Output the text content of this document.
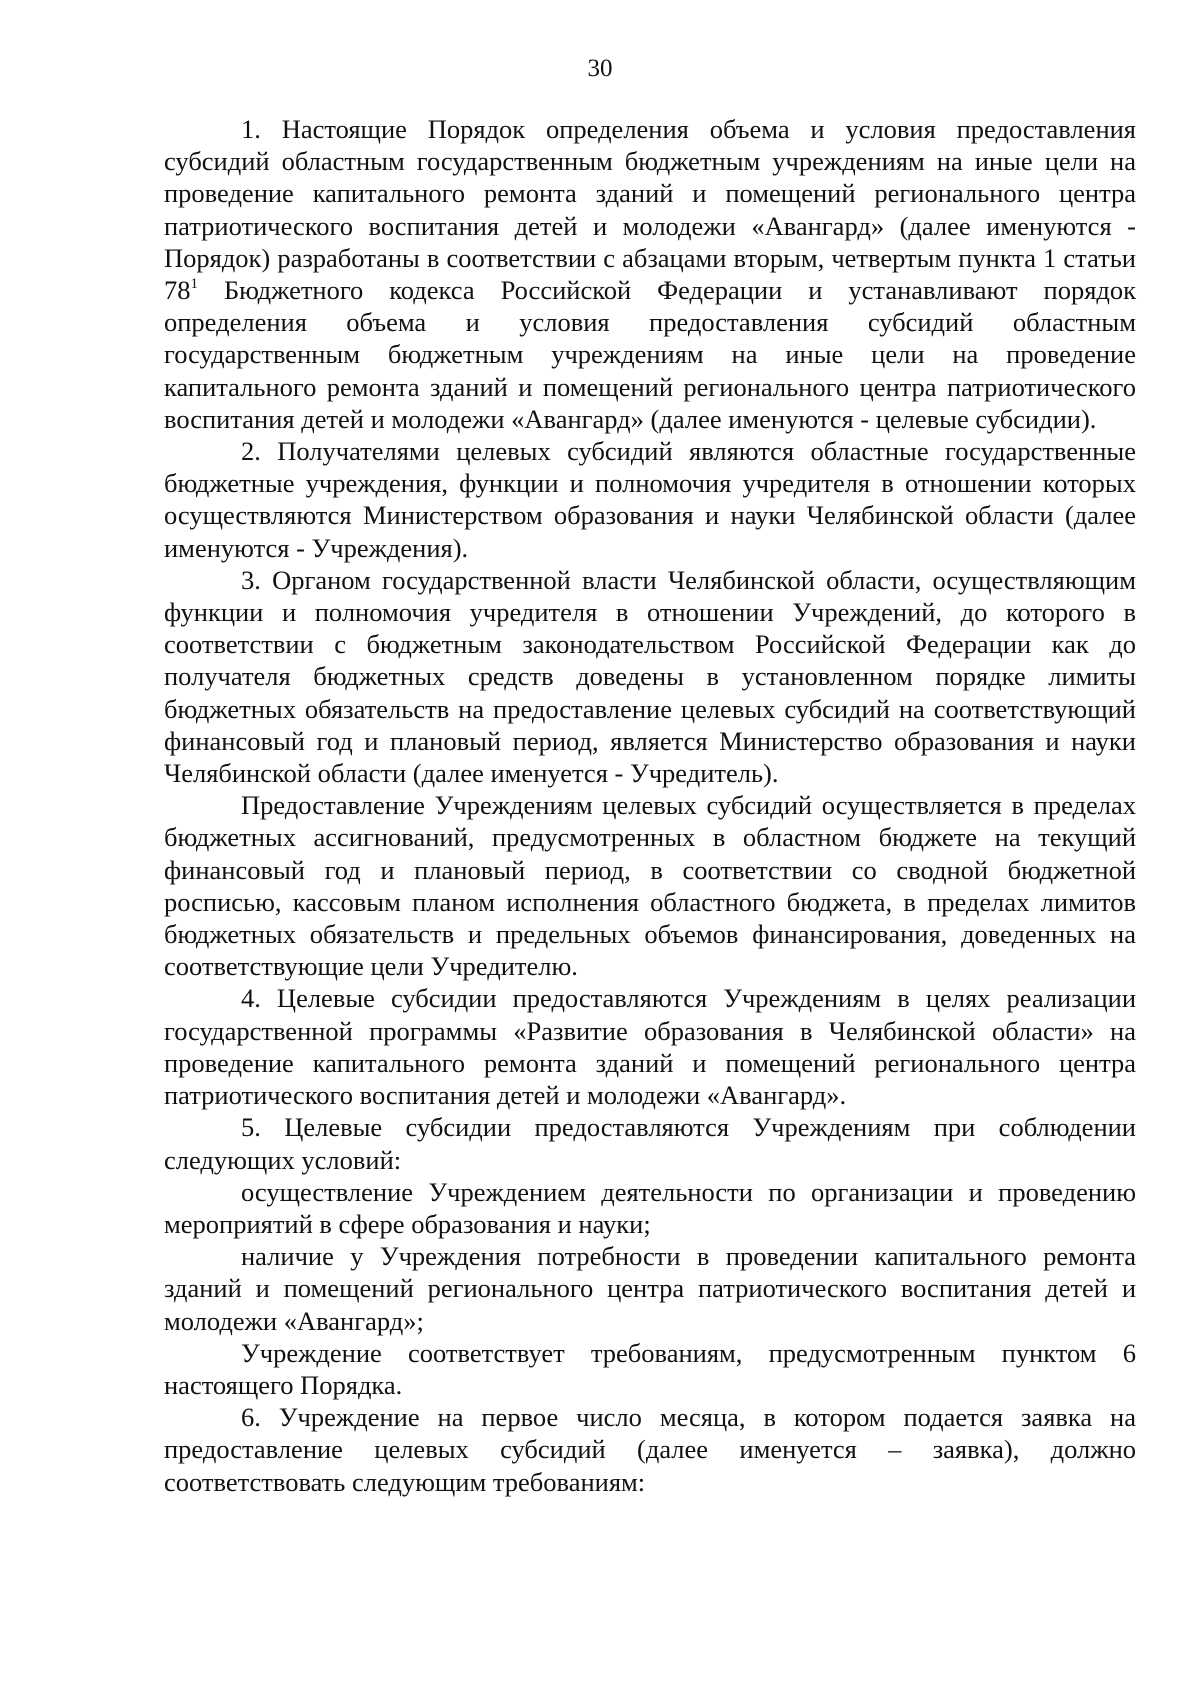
30

1. Настоящие Порядок определения объема и условия предоставления субсидий областным государственным бюджетным учреждениям на иные цели на проведение капитального ремонта зданий и помещений регионального центра патриотического воспитания детей и молодежи «Авангард» (далее именуются - Порядок) разработаны в соответствии с абзацами вторым, четвертым пункта 1 статьи $78^1$ Бюджетного кодекса Российской Федерации и устанавливают порядок определения объема и условия предоставления субсидий областным государственным бюджетным учреждениям на иные цели на проведение капитального ремонта зданий и помещений регионального центра патриотического воспитания детей и молодежи «Авангард» (далее именуются - целевые субсидии).

2. Получателями целевых субсидий являются областные государственные бюджетные учреждения, функции и полномочия учредителя в отношении которых осуществляются Министерством образования и науки Челябинской области (далее именуются - Учреждения).

3. Органом государственной власти Челябинской области, осуществляющим функции и полномочия учредителя в отношении Учреждений, до которого в соответствии с бюджетным законодательством Российской Федерации как до получателя бюджетных средств доведены в установленном порядке лимиты бюджетных обязательств на предоставление целевых субсидий на соответствующий финансовый год и плановый период, является Министерство образования и науки Челябинской области (далее именуется - Учредитель).

Предоставление Учреждениям целевых субсидий осуществляется в пределах бюджетных ассигнований, предусмотренных в областном бюджете на текущий финансовый год и плановый период, в соответствии со сводной бюджетной росписью, кассовым планом исполнения областного бюджета, в пределах лимитов бюджетных обязательств и предельных объемов финансирования, доведенных на соответствующие цели Учредителю.

4. Целевые субсидии предоставляются Учреждениям в целях реализации государственной программы «Развитие образования в Челябинской области» на проведение капитального ремонта зданий и помещений регионального центра патриотического воспитания детей и молодежи «Авангард».

5. Целевые субсидии предоставляются Учреждениям при соблюдении следующих условий:

осуществление Учреждением деятельности по организации и проведению мероприятий в сфере образования и науки;

наличие у Учреждения потребности в проведении капитального ремонта зданий и помещений регионального центра патриотического воспитания детей и молодежи «Авангард»;

Учреждение соответствует требованиям, предусмотренным пунктом 6 настоящего Порядка.

6. Учреждение на первое число месяца, в котором подается заявка на предоставление целевых субсидий (далее именуется – заявка), должно соответствовать следующим требованиям:
